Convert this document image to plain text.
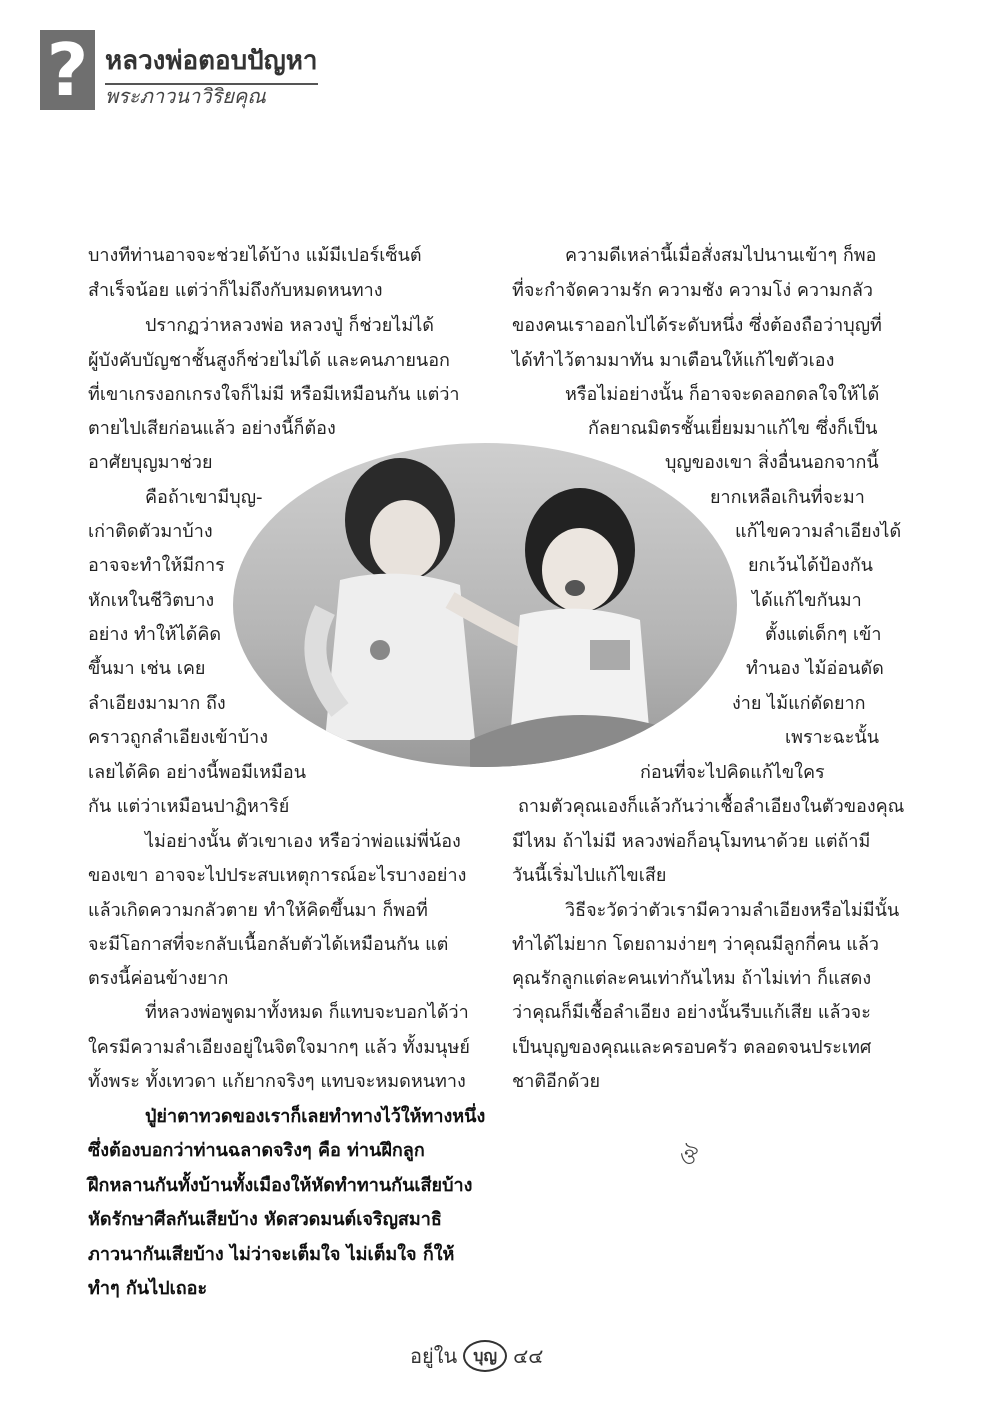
? หลวงพ่อตอบปัญหา
พระภาวนาวิริยคุณ
บางทีท่านอาจจะช่วยได้บ้าง แม้มีเปอร์เซ็นต์
สำเร็จน้อย แต่ว่าก็ไม่ถึงกับหมดหนทาง
ปรากฏว่าหลวงพ่อ หลวงปู่ ก็ช่วยไม่ได้
ผู้บังคับบัญชาชั้นสูงก็ช่วยไม่ได้ และคนภายนอก
ที่เขาเกรงอกเกรงใจก็ไม่มี หรือมีเหมือนกัน แต่ว่า
ตายไปเสียก่อนแล้ว อย่างนี้ก็ต้อง
อาศัยบุญมาช่วย
คือถ้าเขามีบุญ-
เก่าติดตัวมาบ้าง
อาจจะทำให้มีการ
หักเหในชีวิตบาง
อย่าง ทำให้ได้คิด
ขึ้นมา เช่น เคย
ลำเอียงมามาก ถึง
คราวถูกลำเอียงเข้าบ้าง
เลยได้คิด อย่างนี้พอมีเหมือน
กัน แต่ว่าเหมือนปาฏิหาริย์
ไม่อย่างนั้น ตัวเขาเอง หรือว่าพ่อแม่พี่น้อง
ของเขา อาจจะไปประสบเหตุการณ์อะไรบางอย่าง
แล้วเกิดความกลัวตาย ทำให้คิดขึ้นมา ก็พอที่
จะมีโอกาสที่จะกลับเนื้อกลับตัวได้เหมือนกัน แต่
ตรงนี้ค่อนข้างยาก
ที่หลวงพ่อพูดมาทั้งหมด ก็แทบจะบอกได้ว่า
ใครมีความลำเอียงอยู่ในจิตใจมากๆ แล้ว ทั้งมนุษย์
ทั้งพระ ทั้งเทวดา แก้ยากจริงๆ แทบจะหมดหนทาง
ปู่ย่าตาทวดของเราก็เลยทำทางไว้ให้ทางหนึ่ง
ซึ่งต้องบอกว่าท่านฉลาดจริงๆ คือ ท่านฝึกลูก
ฝึกหลานกันทั้งบ้านทั้งเมืองให้หัดทำทานกันเสียบ้าง
หัดรักษาศีลกันเสียบ้าง หัดสวดมนต์เจริญสมาธิ
ภาวนากันเสียบ้าง ไม่ว่าจะเต็มใจ ไม่เต็มใจ ก็ให้
ทำๆ กันไปเถอะ
ความดีเหล่านี้เมื่อสั่งสมไปนานเข้าๆ ก็พอ
ที่จะกำจัดความรัก ความชัง ความโง่ ความกลัว
ของคนเราออกไปได้ระดับหนึ่ง ซึ่งต้องถือว่าบุญที่
ได้ทำไว้ตามมาทัน มาเตือนให้แก้ไขตัวเอง
หรือไม่อย่างนั้น ก็อาจจะดลอกดลใจให้ได้
กัลยาณมิตรชั้นเยี่ยมมาแก้ไข ซึ่งก็เป็น
บุญของเขา สิ่งอื่นนอกจากนี้
ยากเหลือเกินที่จะมา
แก้ไขความลำเอียงได้
ยกเว้นได้ป้องกัน
ได้แก้ไขกันมา
ตั้งแต่เด็กๆ เข้า
ทำนอง ไม้อ่อนดัด
ง่าย ไม้แก่ดัดยาก
เพราะฉะนั้น
ก่อนที่จะไปคิดแก้ไขใคร
ถามตัวคุณเองก็แล้วกันว่าเชื้อลำเอียงในตัวของคุณ
มีไหม ถ้าไม่มี หลวงพ่อก็อนุโมทนาด้วย แต่ถ้ามี
วันนี้เริ่มไปแก้ไขเสีย
วิธีจะวัดว่าตัวเรามีความลำเอียงหรือไม่มีนั้น
ทำได้ไม่ยาก โดยถามง่ายๆ ว่าคุณมีลูกกี่คน แล้ว
คุณรักลูกแต่ละคนเท่ากันไหม ถ้าไม่เท่า ก็แสดง
ว่าคุณก็มีเชื้อลำเอียง อย่างนั้นรีบแก้เสีย แล้วจะ
เป็นบุญของคุณและครอบครัว ตลอดจนประเทศ
ชาติอีกด้วย
ঔ
อยู่ใน	บุญ ๔๔
